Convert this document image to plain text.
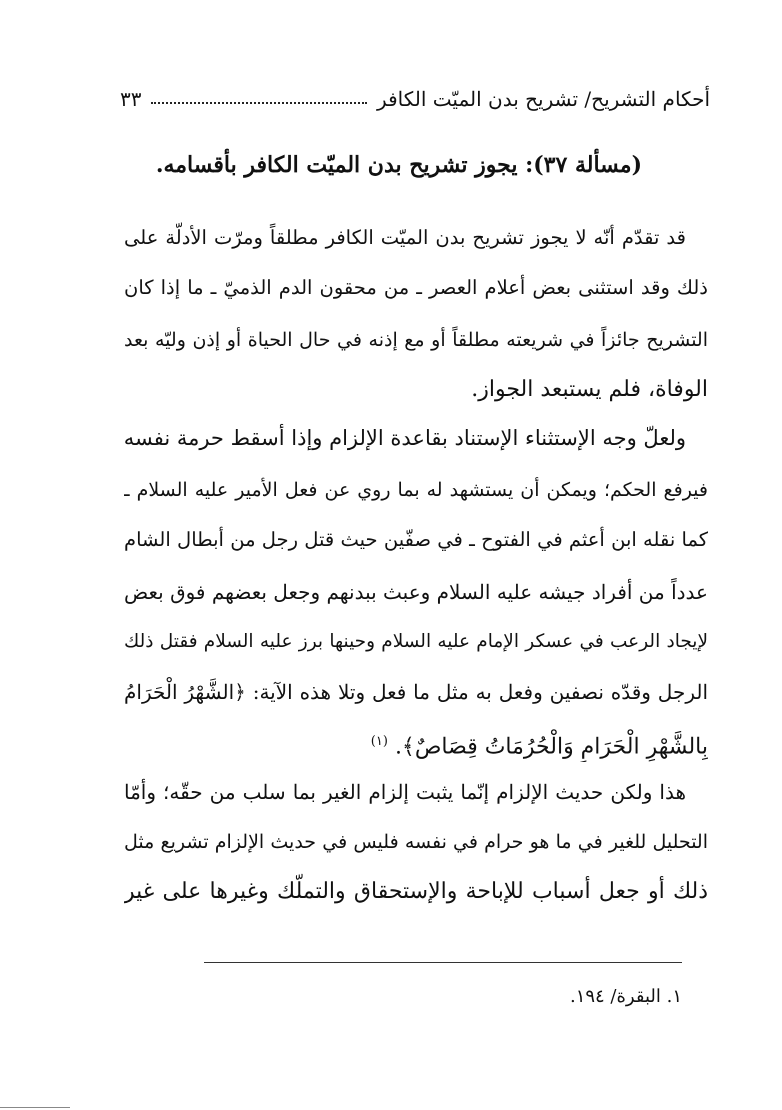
أحكام التشريح/ تشريح بدن الميّت الكافر
٣٣
(مسألة ٣٧): يجوز تشريح بدن الميّت الكافر بأقسامه.
قد تقدّم أنّه لا يجوز تشريح بدن الميّت الكافر مطلقاً ومرّت الأدلّة على
ذلك وقد استثنى بعض أعلام العصر ـ من محقون الدم الذميّ ـ ما إذا كان
التشريح جائزاً في شريعته مطلقاً أو مع إذنه في حال الحياة أو إذن وليّه بعد
الوفاة، فلم يستبعد الجواز.
ولعلّ وجه الإستثناء الإستناد بقاعدة الإلزام وإذا أسقط حرمة نفسه
فيرفع الحكم؛ ويمكن أن يستشهد له بما روي عن فعل الأمير عليه السلام ـ
كما نقله ابن أعثم في الفتوح ـ في صفّين حيث قتل رجل من أبطال الشام
عدداً من أفراد جيشه عليه السلام وعبث ببدنهم وجعل بعضهم فوق بعض
لإيجاد الرعب في عسكر الإمام عليه السلام وحينها برز عليه السلام فقتل ذلك
الرجل وقدّه نصفين وفعل به مثل ما فعل وتلا هذه الآية: ﴿الشَّهْرُ الْحَرَامُ
بِالشَّهْرِ الْحَرَامِ وَالْحُرُمَاتُ قِصَاصٌ﴾. $^{(١)}$
هذا ولكن حديث الإلزام إنّما يثبت إلزام الغير بما سلب من حقّه؛ وأمّا
التحليل للغير في ما هو حرام في نفسه فليس في حديث الإلزام تشريع مثل
ذلك أو جعل أسباب للإباحة والإستحقاق والتملّك وغيرها على غير
١. البقرة/ ١٩٤.
